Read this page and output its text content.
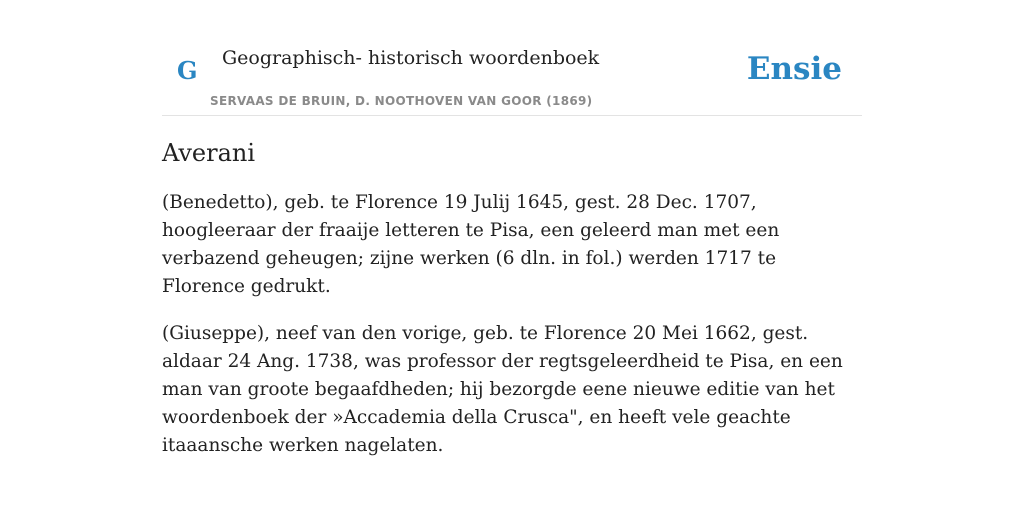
G Geographisch- historisch woordenboek
SERVAAS DE BRUIN, D. NOOTHOVEN VAN GOOR (1869)
Ensie
Averani

(Benedetto), geb. te Florence 19 Julij 1645, gest. 28 Dec. 1707, hoogleeraar der fraaije letteren te Pisa, een geleerd man met een verbazend geheugen; zijne werken (6 dln. in fol.) werden 1717 te Florence gedrukt.

(Giuseppe), neef van den vorige, geb. te Florence 20 Mei 1662, gest. aldaar 24 Ang. 1738, was professor der regtsgeleerdheid te Pisa, en een man van groote begaafdheden; hij bezorgde eene nieuwe editie van het woordenboek der »Accademia della Crusca", en heeft vele geachte itaaansche werken nagelaten.
